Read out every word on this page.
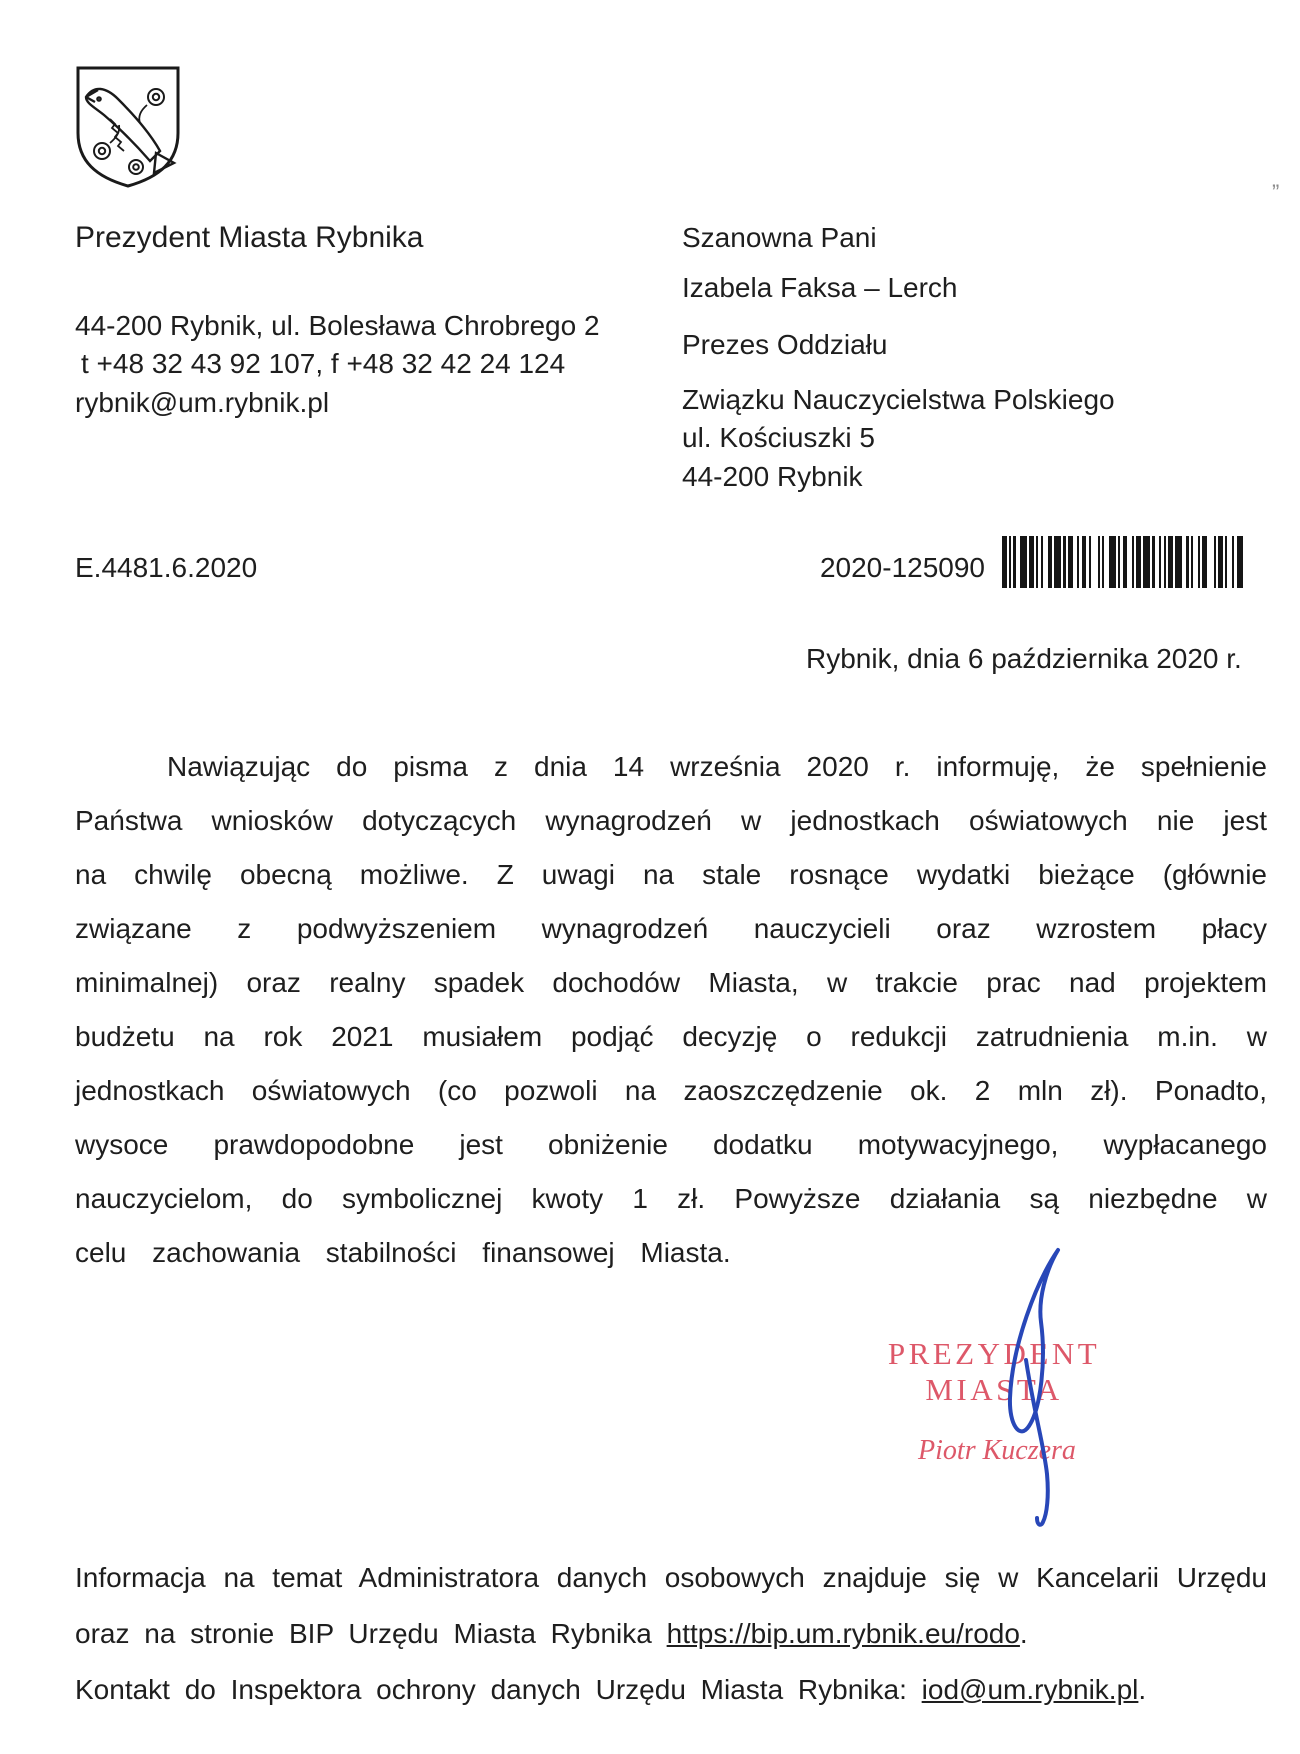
Prezydent Miasta Rybnika
44-200 Rybnik, ul. Bolesława Chrobrego 2
t +48 32 43 92 107, f +48 32 42 24 124
rybnik@um.rybnik.pl
Szanowna Pani
Izabela Faksa – Lerch
Prezes Oddziału
Związku Nauczycielstwa Polskiego
ul. Kościuszki 5
44-200 Rybnik
E.4481.6.2020	2020-125090
Rybnik, dnia 6 października 2020 r.

Nawiązując do pisma z dnia 14 września 2020 r. informuję, że spełnienie Państwa wniosków dotyczących wynagrodzeń w jednostkach oświatowych nie jest na chwilę obecną możliwe. Z uwagi na stale rosnące wydatki bieżące (głównie związane z podwyższeniem wynagrodzeń nauczycieli oraz wzrostem płacy minimalnej) oraz realny spadek dochodów Miasta, w trakcie prac nad projektem budżetu na rok 2021 musiałem podjąć decyzję o redukcji zatrudnienia m.in. w jednostkach oświatowych (co pozwoli na zaoszczędzenie ok. 2 mln zł). Ponadto, wysoce prawdopodobne jest obniżenie dodatku motywacyjnego, wypłacanego nauczycielom, do symbolicznej kwoty 1 zł. Powyższe działania są niezbędne w celu zachowania stabilności finansowej Miasta.

PREZYDENT MIASTA
Piotr Kuczera

Informacja na temat Administratora danych osobowych znajduje się w Kancelarii Urzędu oraz na stronie BIP Urzędu Miasta Rybnika https://bip.um.rybnik.eu/rodo.

Kontakt do Inspektora ochrony danych Urzędu Miasta Rybnika: iod@um.rybnik.pl.

”
